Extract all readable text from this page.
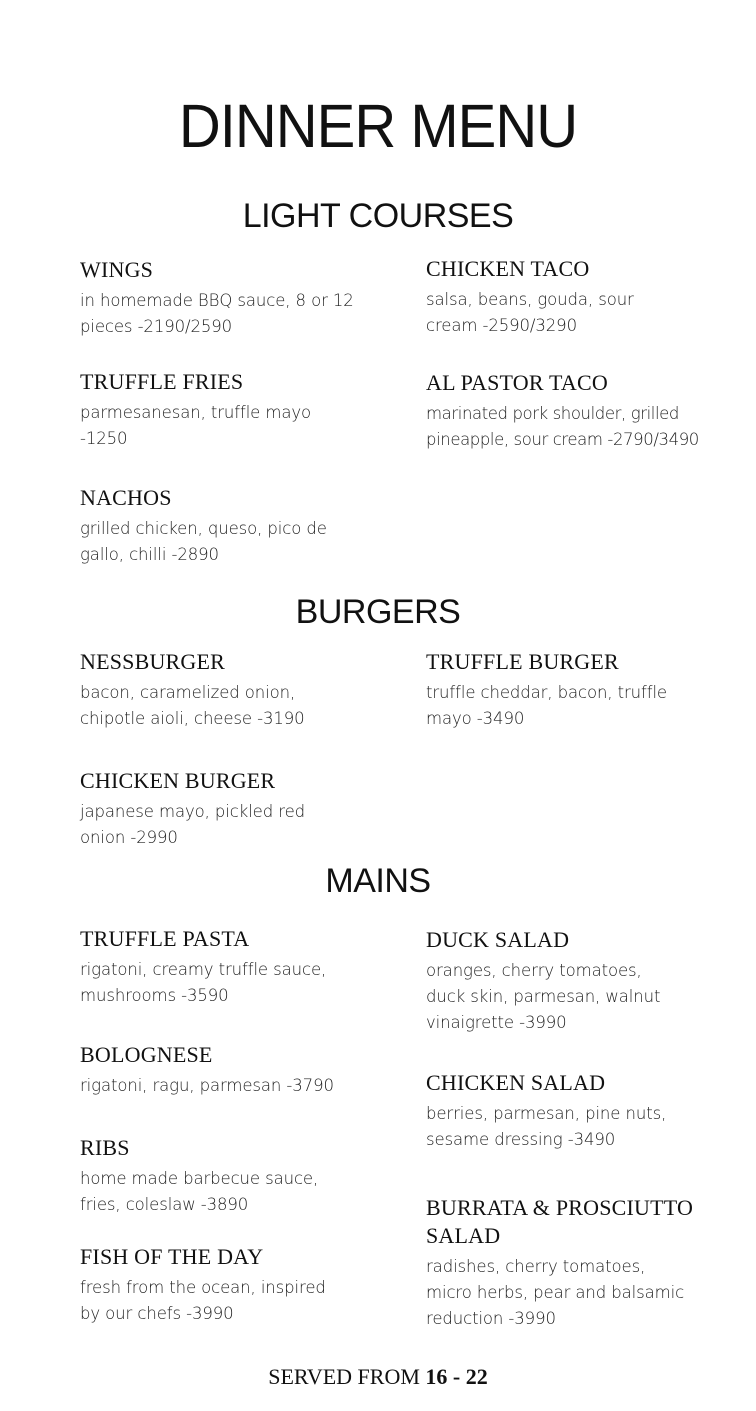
DINNER MENU
LIGHT COURSES
WINGS
in homemade BBQ sauce, 8 or 12 pieces -2190/2590
CHICKEN TACO
salsa, beans, gouda, sour cream -2590/3290
TRUFFLE FRIES
parmesanesan, truffle mayo -1250
AL PASTOR TACO
marinated pork shoulder, grilled pineapple, sour cream -2790/3490
NACHOS
grilled chicken, queso, pico de gallo, chilli -2890
BURGERS
NESSBURGER
bacon, caramelized onion, chipotle aioli, cheese -3190
TRUFFLE BURGER
truffle cheddar, bacon, truffle mayo -3490
CHICKEN BURGER
japanese mayo, pickled red onion -2990
MAINS
TRUFFLE PASTA
rigatoni, creamy truffle sauce, mushrooms -3590
DUCK SALAD
oranges, cherry tomatoes, duck skin, parmesan, walnut vinaigrette -3990
BOLOGNESE
rigatoni, ragu, parmesan -3790	CHICKEN SALAD
berries, parmesan, pine nuts, sesame dressing -3490
RIBS
home made barbecue sauce, fries, coleslaw -3890	BURRATA & PROSCIUTTO SALAD
radishes, cherry tomatoes, micro herbs, pear and balsamic reduction -3990
FISH OF THE DAY
fresh from the ocean, inspired by our chefs -3990
SERVED FROM 16 - 22
